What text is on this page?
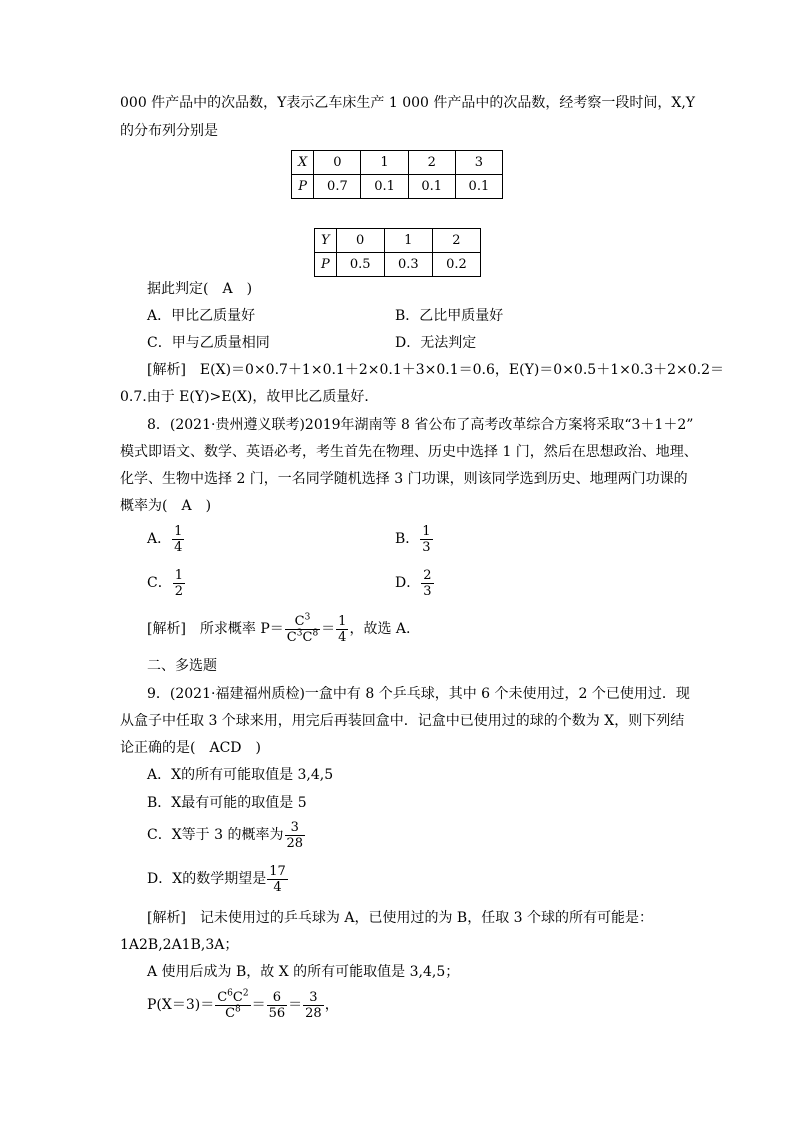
000 件产品中的次品数，Y表示乙车床生产 1 000 件产品中的次品数，经考察一段时间，X,Y
的分布列分别是
X	0	1	2	3
P	0.7	0.1	0.1	0.1
Y	0	1	2
P	0.5	0.3	0.2
据此判定(　A　)
A．甲比乙质量好	B．乙比甲质量好
C．甲与乙质量相同	D．无法判定
[解析]　E(X)＝0×0.7＋1×0.1＋2×0.1＋3×0.1＝0.6，E(Y)＝0×0.5＋1×0.3＋2×0.2＝
0.7.由于 E(Y)>E(X)，故甲比乙质量好．
8．(2021·贵州遵义联考)2019年湖南等 8 省公布了高考改革综合方案将采取“3＋1＋2”
模式即语文、数学、英语必考，考生首先在物理、历史中选择 1 门，然后在思想政治、地理、
化学、生物中选择 2 门，一名同学随机选择 3 门功课，则该同学选到历史、地理两门功课的
概率为(　A　)
A． $\frac{1}{4}$	B． $\frac{1}{3}$
C． $\frac{1}{2}$	D． $\frac{2}{3}$
[解析]　所求概率 $P= \frac{C^3}{C^3C^8} = \frac{1}{4}$ ，故选 A.
二、多选题
9．(2021·福建福州质检)一盒中有 8 个乒乓球，其中 6 个未使用过，2 个已使用过．现
从盒子中任取 3 个球来用，用完后再装回盒中．记盒中已使用过的球的个数为 X，则下列结
论正确的是(　ACD　)
A．X的所有可能取值是 3,4,5
B．X最有可能的取值是 5
C．X等于 3 的概率为 $\frac{3}{28}$
D．X的数学期望是 $\frac{17}{4}$
[解析]　记未使用过的乒乓球为 A，已使用过的为 B，任取 3 个球的所有可能是：
1A2B,2A1B,3A；
A 使用后成为 B，故 X 的所有可能取值是 3,4,5；
$P(X=3)= \frac{C^6C^2}{C^8} = \frac{6}{56} = \frac{3}{28}$ ，
